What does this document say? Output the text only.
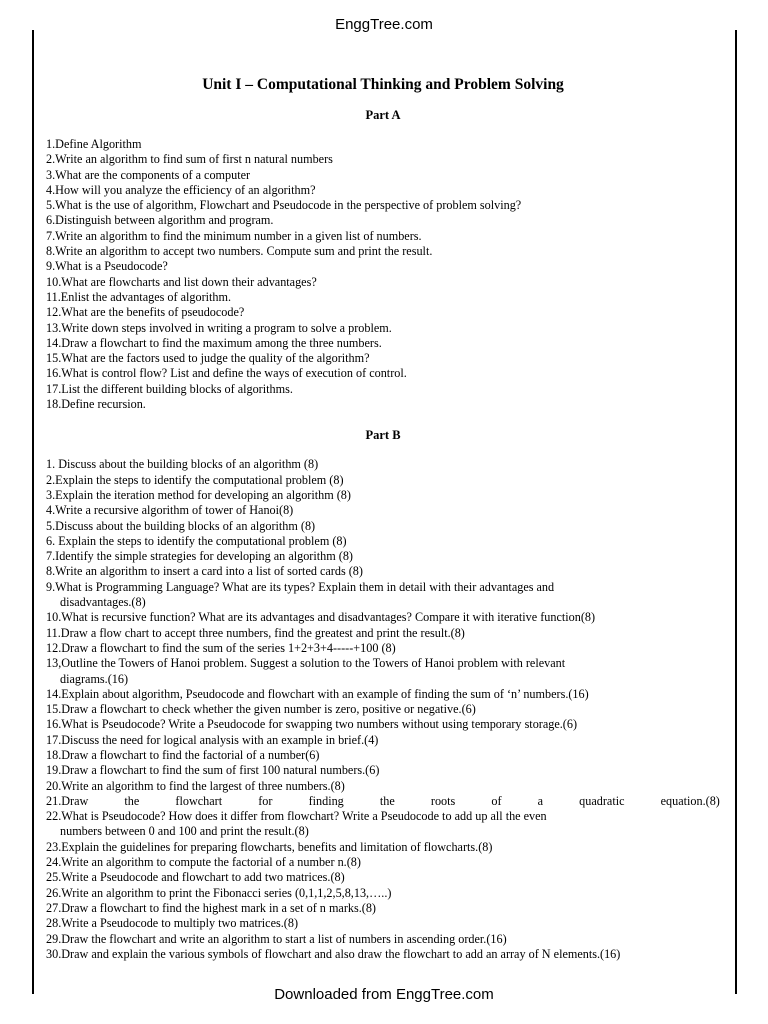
EnggTree.com
Unit I – Computational Thinking and Problem Solving
Part A
1.Define Algorithm
2.Write an algorithm to find sum of first n natural numbers
3.What are the components of a computer
4.How will you analyze the efficiency of an algorithm?
5.What is the use of algorithm, Flowchart and Pseudocode in the perspective of problem solving?
6.Distinguish between algorithm and program.
7.Write an algorithm to find the minimum number in a given list of numbers.
8.Write an algorithm to accept two numbers. Compute sum and print the result.
9.What is a Pseudocode?
10.What are flowcharts and list down their advantages?
11.Enlist the advantages of algorithm.
12.What are the benefits of pseudocode?
13.Write down steps involved in writing a program to solve a problem.
14.Draw a flowchart to find the maximum among the three numbers.
15.What are the factors used to judge the quality of the algorithm?
16.What is control flow? List and define the ways of execution of control.
17.List the different building blocks of algorithms.
18.Define recursion.
Part B
1. Discuss about the building blocks of an algorithm (8)
2.Explain the steps to identify the computational problem (8)
3.Explain the iteration method for developing an algorithm (8)
4.Write a recursive algorithm of tower of Hanoi(8)
5.Discuss about the building blocks of an algorithm (8)
6. Explain the steps to identify the computational problem (8)
7.Identify the simple strategies for developing an algorithm (8)
8.Write an algorithm to insert a card into a list of sorted cards (8)
9.What is Programming Language? What are its types? Explain them in detail with their advantages and
disadvantages.(8)
10.What is recursive function? What are its advantages and disadvantages? Compare it with iterative function(8)
11.Draw a flow chart to accept three numbers, find the greatest and print the result.(8)
12.Draw a flowchart to find the sum of the series 1+2+3+4-----+100 (8)
13,Outline the Towers of Hanoi problem. Suggest a solution to the Towers of Hanoi problem with relevant
diagrams.(16)
14.Explain about algorithm, Pseudocode and flowchart with an example of finding the sum of ‘n’ numbers.(16)
15.Draw a flowchart to check whether the given number is zero, positive or negative.(6)
16.What is Pseudocode? Write a Pseudocode for swapping two numbers without using temporary storage.(6)
17.Discuss the need for logical analysis with an example in brief.(4)
18.Draw a flowchart to find the factorial of a number(6)
19.Draw a flowchart to find the sum of first 100 natural numbers.(6)
20.Write an algorithm to find the largest of three numbers.(8)
21.Draw	the	flowchart	for	finding	the	roots	of	a	quadratic	equation.(8)
22.What is Pseudocode? How does it differ from flowchart? Write a Pseudocode to add up all the even
numbers between 0 and 100 and print the result.(8)
23.Explain the guidelines for preparing flowcharts, benefits and limitation of flowcharts.(8)
24.Write an algorithm to compute the factorial of a number n.(8)
25.Write a Pseudocode and flowchart to add two matrices.(8)
26.Write an algorithm to print the Fibonacci series (0,1,1,2,5,8,13,…..)
27.Draw a flowchart to find the highest mark in a set of n marks.(8)
28.Write a Pseudocode to multiply two matrices.(8)
29.Draw the flowchart and write an algorithm to start a list of numbers in ascending order.(16)
30.Draw and explain the various symbols of flowchart and also draw the flowchart to add an array of N elements.(16)
Downloaded from EnggTree.com
